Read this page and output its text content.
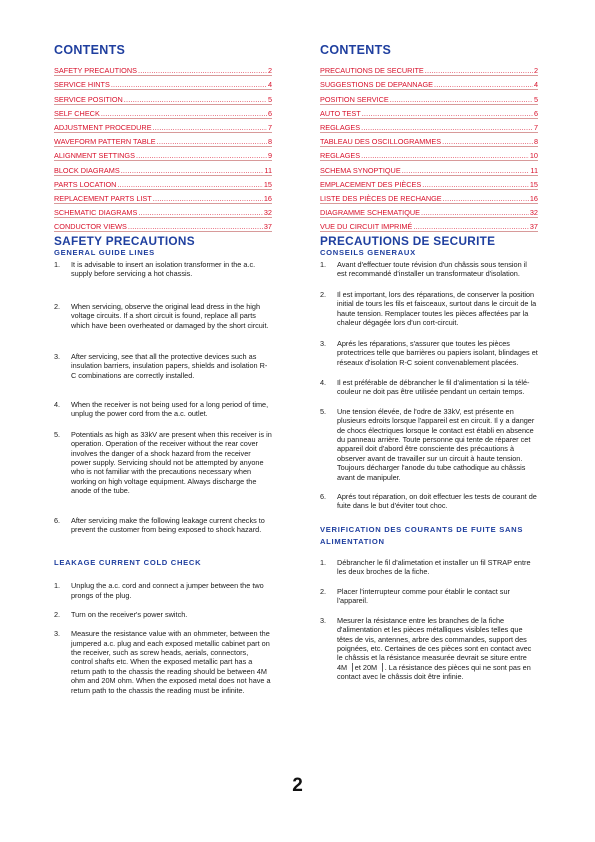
CONTENTS
SAFETY PRECAUTIONS .....	2
SERVICE HINTS .....	4
SERVICE POSITION .....	5
SELF CHECK .....	6
ADJUSTMENT PROCEDURE .....	7
WAVEFORM PATTERN TABLE .....	8
ALIGNMENT SETTINGS .....	9
BLOCK DIAGRAMS .....	11
PARTS LOCATION .....	15
REPLACEMENT PARTS LIST .....	16
SCHEMATIC DIAGRAMS .....	32
CONDUCTOR VIEWS .....	37
SAFETY PRECAUTIONS
GENERAL GUIDE LINES
1.	It is advisable to insert an isolation transformer in the a.c. supply before servicing a hot chassis.
2.	When servicing, observe the original lead dress in the high voltage circuits. If a short circuit is found, replace all parts which have been overheated or damaged by the short circuit.
3.	After servicing, see that all the protective devices such as insulation barriers, insulation papers, shields and isolation R-C combinations are correctly installed.
4.	When the receiver is not being used for a long period of time, unplug the power cord from the a.c. outlet.
5.	Potentials as high as 33kV are present when this receiver is in operation. Operation of the receiver without the rear cover involves the danger of a shock hazard from the receiver power supply. Servicing should not be attempted by anyone who is not familiar with the precautions necessary when working on high voltage equipment. Always discharge the anode of the tube.
6.	After servicing make the following leakage current checks to prevent the customer from being exposed to shock hazard.
LEAKAGE CURRENT COLD CHECK
1.	Unplug the a.c. cord and connect a jumper between the two prongs of the plug.
2.	Turn on the receiver's power switch.
3.	Measure the resistance value with an ohmmeter, between the jumpered a.c. plug and each exposed metallic cabinet part on the receiver, such as screw heads, aerials, connectors, control shafts etc. When the exposed metallic part has a return path to the chassis the reading should be between 4M ohm and 20M ohm. When the exposed metal does not have a return path to the chassis the reading must be infinite.
CONTENTS
PRECAUTIONS DE SECURITE .....	2
SUGGESTIONS DE DEPANNAGE .....	4
POSITION SERVICE .....	5
AUTO TEST .....	6
REGLAGES .....	7
TABLEAU DES OSCILLOGRAMMES .....	8
REGLAGES .....	10
SCHEMA SYNOPTIQUE .....	11
EMPLACEMENT DES PIÈCES .....	15
LISTE DES PIÈCES DE RECHANGE .....	16
DIAGRAMME SCHEMATIQUE .....	32
VUE DU CIRCUIT IMPRIMÉ .....	37
PRECAUTIONS DE SECURITE
CONSEILS GENERAUX
1.	Avant d'effectuer toute révision d'un châssis sous tension il est recommandé d'installer un transformateur d'isolation.
2.	Il est important, lors des réparations, de conserver la position initial de tours les fils et faisceaux, surtout dans le circuit de la haute tension. Remplacer toutes les pièces affectées par la chaleur dégagée lors d'un cort-circuit.
3.	Aprés les réparations, s'assurer que toutes les pièces protectrices telle que barrières ou papiers isolant, blindages et réseaux d'isolation R-C soient convenablement placées.
4.	Il est préférable de débrancher le fil d'alimentation si la télé-couleur ne doit pas être utilisée pendant un certain temps.
5.	Une tension élevée, de l'odre de 33kV, est présente en plusieurs edroits lorsque l'appareil est en circuit. Il y a danger de chocs électriques lorsque le contact est établi en absence du panneau arrière. Toute personne qui tente de réparer cet appareil doit d'abord être consciente des précautions à observer avant de travailler sur un circuit à haute tension. Toujours décharger l'anode du tube cathodique au châssis avant de manipuler.
6.	Aprés tout réparation, on doit effectuer les tests de courant de fuite dans le but d'éviter tout choc.
VERIFICATION DES COURANTS DE FUITE SANS ALIMENTATION
1.	Débrancher le fil d'alimetation et installer un fil STRAP entre les deux broches de la fiche.
2.	Placer l'interrupteur comme pour établir le contact sur l'appareil.
3.	Mesurer la résistance entre les branches de la fiche d'alimentation et les pièces métalliques visibles telles que têtes de vis, antennes, arbre des commandes, support des poignées, etc. Certaines de ces pièces sont en contact avec le châssis et la résistance measurée devrait se siture entre 4M▕ et 20M▕ . La résistance des pièces qui ne sont pas en contact avec le châssis doit être infinie.
2
